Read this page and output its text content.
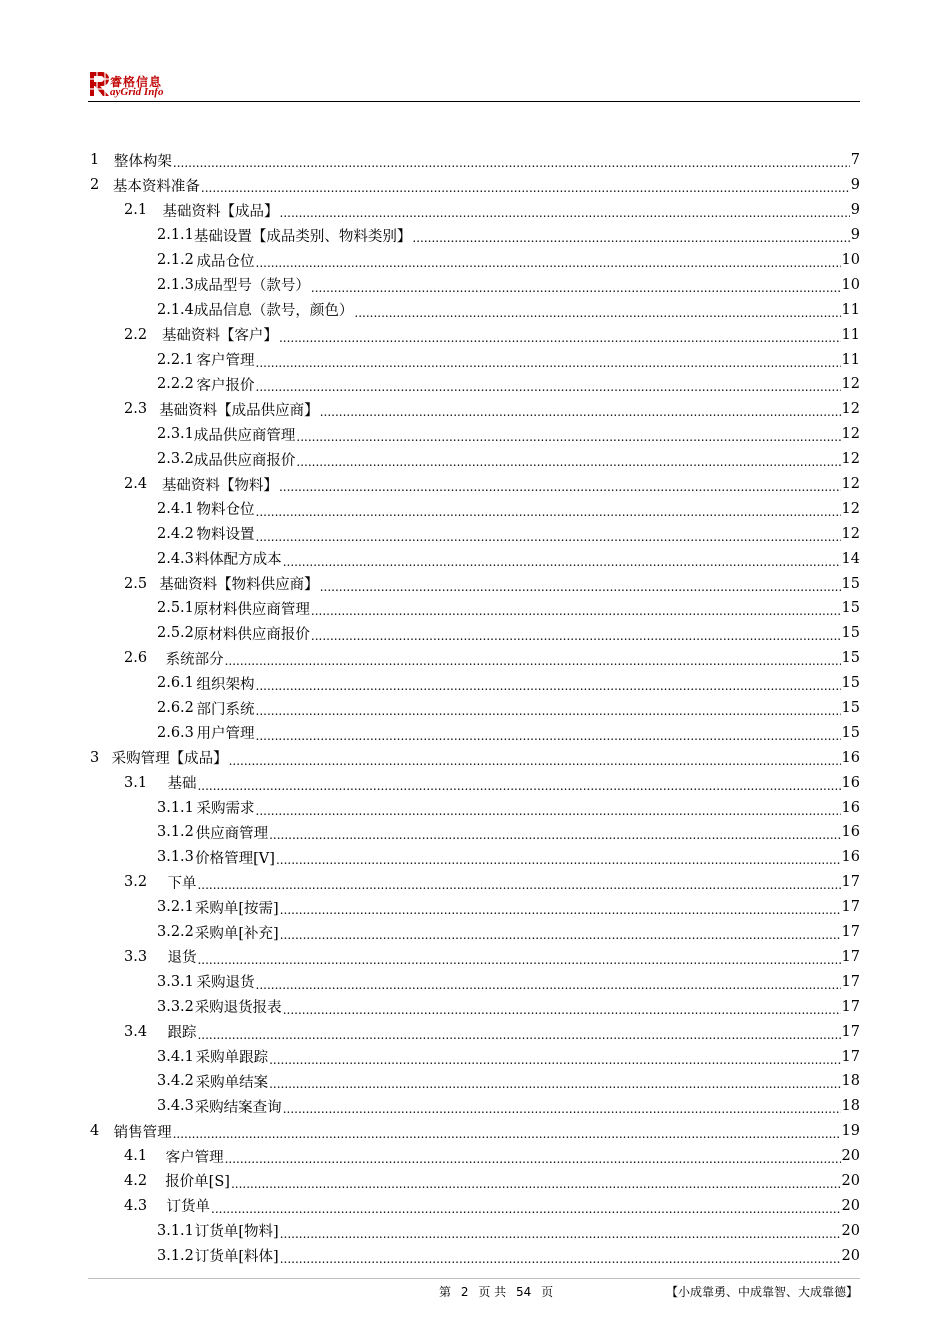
睿格信息
ayGrid Info
1	整体构架 .....	7
2 基本资料准备 .....	9
2.1	基础资料【成品】 .....	9
2.1.1 基础设置【成品类别、物料类别】 .....	9
2.1.2 成品仓位 .....	10
2.1.3 成品型号（款号） .....	10
2.1.4 成品信息（款号，颜色） .....	11
2.2	基础资料【客户】 .....	11
2.2.1 客户管理 .....	11
2.2.2 客户报价 .....	12
2.3 基础资料【成品供应商】 .....	12
2.3.1 成品供应商管理 .....	12
2.3.2 成品供应商报价 .....	12
2.4	基础资料【物料】 .....	12
2.4.1 物料仓位 .....	12
2.4.2 物料设置 .....	12
2.4.3 料体配方成本 .....	14
2.5 基础资料【物料供应商】 .....	15
2.5.1 原材料供应商管理 .....	15
2.5.2 原材料供应商报价 .....	15
2.6	系统部分 .....	15
2.6.1 组织架构 .....	15
2.6.2 部门系统 .....	15
2.6.3 用户管理 .....	15
3 采购管理【成品】 .....	16
3.1	基础 .....	16
3.1.1 采购需求 .....	16
3.1.2 供应商管理 .....	16
3.1.3 价格管理[V] .....	16
3.2	下单 .....	17
3.2.1 采购单[按需] .....	17
3.2.2 采购单[补充] .....	17
3.3	退货 .....	17
3.3.1 采购退货 .....	17
3.3.2 采购退货报表 .....	17
3.4	跟踪 .....	17
3.4.1 采购单跟踪 .....	17
3.4.2 采购单结案 .....	18
3.4.3 采购结案查询 .....	18
4 销售管理 .....	19
4.1	客户管理 .....	20
4.2	报价单[S] .....	20
4.3	订货单 .....	20
3.1.1 订货单[物料] .....	20
3.1.2 订货单[料体] .....	20
第 2 页 共 54 页	【小成靠勇、中成靠智、大成靠德】
